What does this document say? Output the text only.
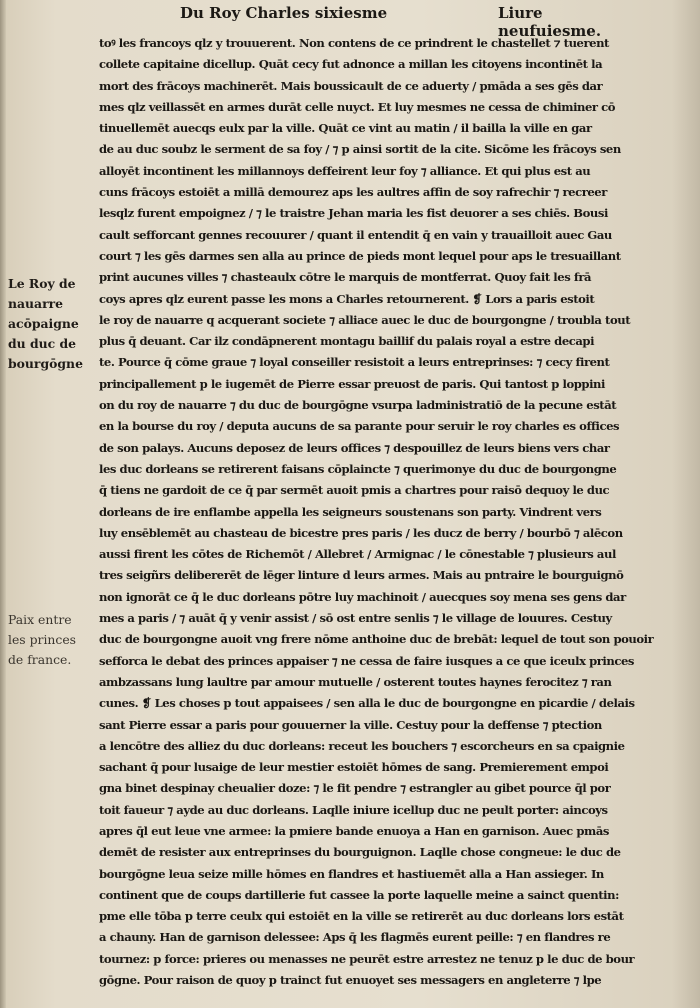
Du Roy Charles sixiesme	Liure neufuiesme.
Le Roy de
nauarre
acōpaigne
du duc de
bourgōgne
Paix entre
les princes
de france.
toꝰ les francoys qlz y trouuerent. Non contens de ce prindrent le chastellet ⁊ tuerent
collete capitaine dicellup. Quāt cecy fut adnonce a millan les citoyens incontinēt la
mort des frācoys machinerēt. Mais boussicault de ce aduerty / pmāda a ses gēs dar
mes qlz veillassēt en armes durāt celle nuyct. Et luy mesmes ne cessa de chiminer cō
tinuellemēt auecqs eulx par la ville. Quāt ce vint au matin / il bailla la ville en gar
de au duc soubz le serment de sa foy / ⁊ p ainsi sortit de la cite. Sicōme les frācoys sen
alloyēt incontinent les millannoys deffeirent leur foy ⁊ alliance. Et qui plus est au
cuns frācoys estoiēt a millā demourez aps les aultres affin de soy rafrechir ⁊ recreer
lesqlz furent empoignez / ⁊ le traistre Jehan maria les fist deuorer a ses chiēs. Bousi
cault sefforcant gennes recouurer / quant il entendit q̄ en vain y trauailloit auec Gau
court ⁊ les gēs darmes sen alla au prince de pieds mont lequel pour aps le tresuaillant
print aucunes villes ⁊ chasteaulx cōtre le marquis de montferrat. Quoy fait les frā
coys apres qlz eurent passe les mons a Charles retournerent. ❡ Lors a paris estoit
le roy de nauarre q acquerant societe ⁊ alliace auec le duc de bourgongne / troubla tout
plus q̄ deuant. Car ilz condāpnerent montagu baillif du palais royal a estre decapi
te. Pource q̄ cōme graue ⁊ loyal conseiller resistoit a leurs entreprinses: ⁊ cecy firent
principallement p le iugemēt de Pierre essar preuost de paris. Qui tantost p loppini
on du roy de nauarre ⁊ du duc de bourgōgne vsurpa ladministratiō de la pecune estāt
en la bourse du roy / deputa aucuns de sa parante pour seruir le roy charles es offices
de son palays. Aucuns deposez de leurs offices ⁊ despouillez de leurs biens vers char
les duc dorleans se retirerent faisans cōplaincte ⁊ querimonye du duc de bourgongne
q̄ tiens ne gardoit de ce q̄ par sermēt auoit pmis a chartres pour raisō dequoy le duc
dorleans de ire enflambe appella les seigneurs soustenans son party. Vindrent vers
luy ensēblemēt au chasteau de bicestre pres paris / les ducz de berry / bourbō ⁊ alēcon
aussi firent les cōtes de Richemōt / Allebret / Armignac / le cōnestable ⁊ plusieurs aul
tres seigñrs delibererēt de lēger linture d leurs armes. Mais au pntraire le bourguignō
non ignorāt ce q̄ le duc dorleans pōtre luy machinoit / auecques soy mena ses gens dar
mes a paris / ⁊ auāt q̄ y venir assist / sō ost entre senlis ⁊ le village de louures. Cestuy
duc de bourgongne auoit vng frere nōme anthoine duc de brebāt: lequel de tout son pouoir
sefforca le debat des princes appaiser ⁊ ne cessa de faire iusques a ce que iceulx princes
ambzassans lung laultre par amour mutuelle / osterent toutes haynes ferocitez ⁊ ran
cunes. ❡ Les choses p tout appaisees / sen alla le duc de bourgongne en picardie / delais
sant Pierre essar a paris pour gouuerner la ville. Cestuy pour la deffense ⁊ ptection
a lencōtre des alliez du duc dorleans: receut les bouchers ⁊ escorcheurs en sa cpaignie
sachant q̄ pour lusaige de leur mestier estoiēt hōmes de sang. Premierement empoi
gna binet despinay cheualier doze: ⁊ le fit pendre ⁊ estrangler au gibet pource q̄l por
toit faueur ⁊ ayde au duc dorleans. Laqlle iniure icellup duc ne peult porter: aincoys
apres q̄l eut leue vne armee: la pmiere bande enuoya a Han en garnison. Auec pmās
demēt de resister aux entreprinses du bourguignon. Laqlle chose congneue: le duc de
bourgōgne leua seize mille hōmes en flandres et hastiuemēt alla a Han assieger. In
continent que de coups dartillerie fut cassee la porte laquelle meine a sainct quentin:
pme elle tōba p terre ceulx qui estoiēt en la ville se retirerēt au duc dorleans lors estāt
a chauny. Han de garnison delessee: Aps q̄ les flagmēs eurent peille: ⁊ en flandres re
tournez: p force: prieres ou menasses ne peurēt estre arrestez ne tenuz p le duc de bour
gōgne. Pour raison de quoy p trainct fut enuoyet ses messagers en angleterre ⁊ lpe
